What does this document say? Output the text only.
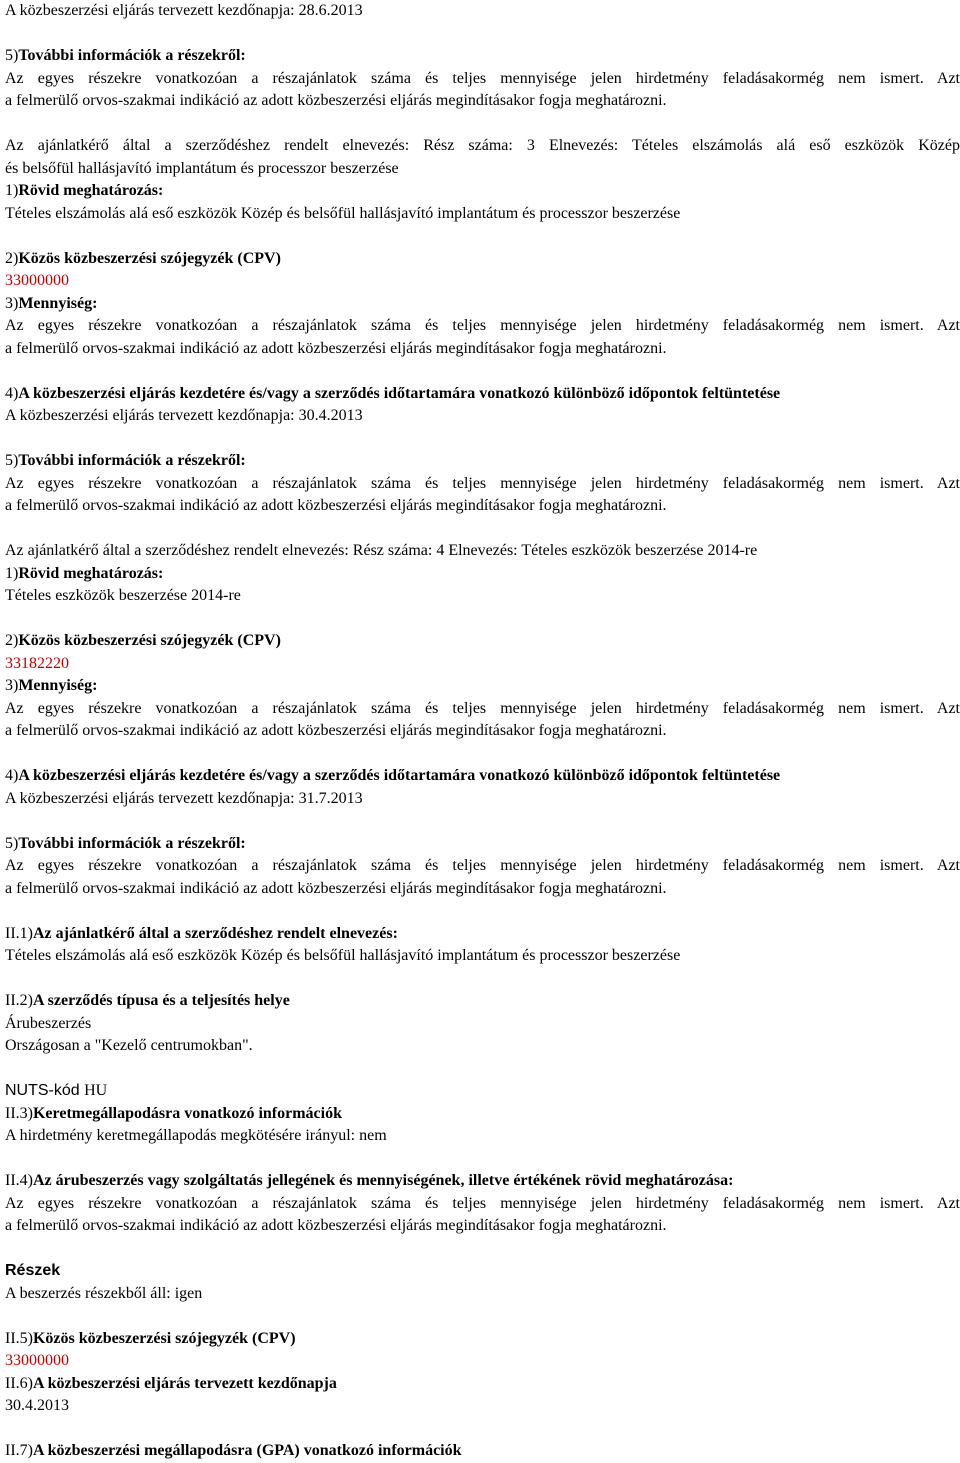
A közbeszerzési eljárás tervezett kezdőnapja: 28.6.2013
5)További információk a részekről:
Az egyes részekre vonatkozóan a részajánlatok száma és teljes mennyisége jelen hirdetmény feladásakormég nem ismert. Azt
a felmerülő orvos-szakmai indikáció az adott közbeszerzési eljárás megindításakor fogja meghatározni.
Az ajánlatkérő által a szerződéshez rendelt elnevezés: Rész száma: 3 Elnevezés: Tételes elszámolás alá eső eszközök Közép
és belsőfül hallásjavító implantátum és processzor beszerzése
1)Rövid meghatározás:
Tételes elszámolás alá eső eszközök Közép és belsőfül hallásjavító implantátum és processzor beszerzése
2)Közös közbeszerzési szójegyzék (CPV)
33000000
3)Mennyiség:
Az egyes részekre vonatkozóan a részajánlatok száma és teljes mennyisége jelen hirdetmény feladásakormég nem ismert. Azt
a felmerülő orvos-szakmai indikáció az adott közbeszerzési eljárás megindításakor fogja meghatározni.
4)A közbeszerzési eljárás kezdetére és/vagy a szerződés időtartamára vonatkozó különböző időpontok feltüntetése
A közbeszerzési eljárás tervezett kezdőnapja: 30.4.2013
5)További információk a részekről:
Az egyes részekre vonatkozóan a részajánlatok száma és teljes mennyisége jelen hirdetmény feladásakormég nem ismert. Azt
a felmerülő orvos-szakmai indikáció az adott közbeszerzési eljárás megindításakor fogja meghatározni.
Az ajánlatkérő által a szerződéshez rendelt elnevezés: Rész száma: 4 Elnevezés: Tételes eszközök beszerzése 2014-re
1)Rövid meghatározás:
Tételes eszközök beszerzése 2014-re
2)Közös közbeszerzési szójegyzék (CPV)
33182220
3)Mennyiség:
Az egyes részekre vonatkozóan a részajánlatok száma és teljes mennyisége jelen hirdetmény feladásakormég nem ismert. Azt
a felmerülő orvos-szakmai indikáció az adott közbeszerzési eljárás megindításakor fogja meghatározni.
4)A közbeszerzési eljárás kezdetére és/vagy a szerződés időtartamára vonatkozó különböző időpontok feltüntetése
A közbeszerzési eljárás tervezett kezdőnapja: 31.7.2013
5)További információk a részekről:
Az egyes részekre vonatkozóan a részajánlatok száma és teljes mennyisége jelen hirdetmény feladásakormég nem ismert. Azt
a felmerülő orvos-szakmai indikáció az adott közbeszerzési eljárás megindításakor fogja meghatározni.
II.1)Az ajánlatkérő által a szerződéshez rendelt elnevezés:
Tételes elszámolás alá eső eszközök Közép és belsőfül hallásjavító implantátum és processzor beszerzése
II.2)A szerződés típusa és a teljesítés helye
Árubeszerzés
Országosan a "Kezelő centrumokban".
NUTS-kód HU
II.3)Keretmegállapodásra vonatkozó információk
A hirdetmény keretmegállapodás megkötésére irányul: nem
II.4)Az árubeszerzés vagy szolgáltatás jellegének és mennyiségének, illetve értékének rövid meghatározása:
Az egyes részekre vonatkozóan a részajánlatok száma és teljes mennyisége jelen hirdetmény feladásakormég nem ismert. Azt
a felmerülő orvos-szakmai indikáció az adott közbeszerzési eljárás megindításakor fogja meghatározni.
Részek
A beszerzés részekből áll: igen
II.5)Közös közbeszerzési szójegyzék (CPV)
33000000
II.6)A közbeszerzési eljárás tervezett kezdőnapja
30.4.2013
II.7)A közbeszerzési megállapodásra (GPA) vonatkozó információk
